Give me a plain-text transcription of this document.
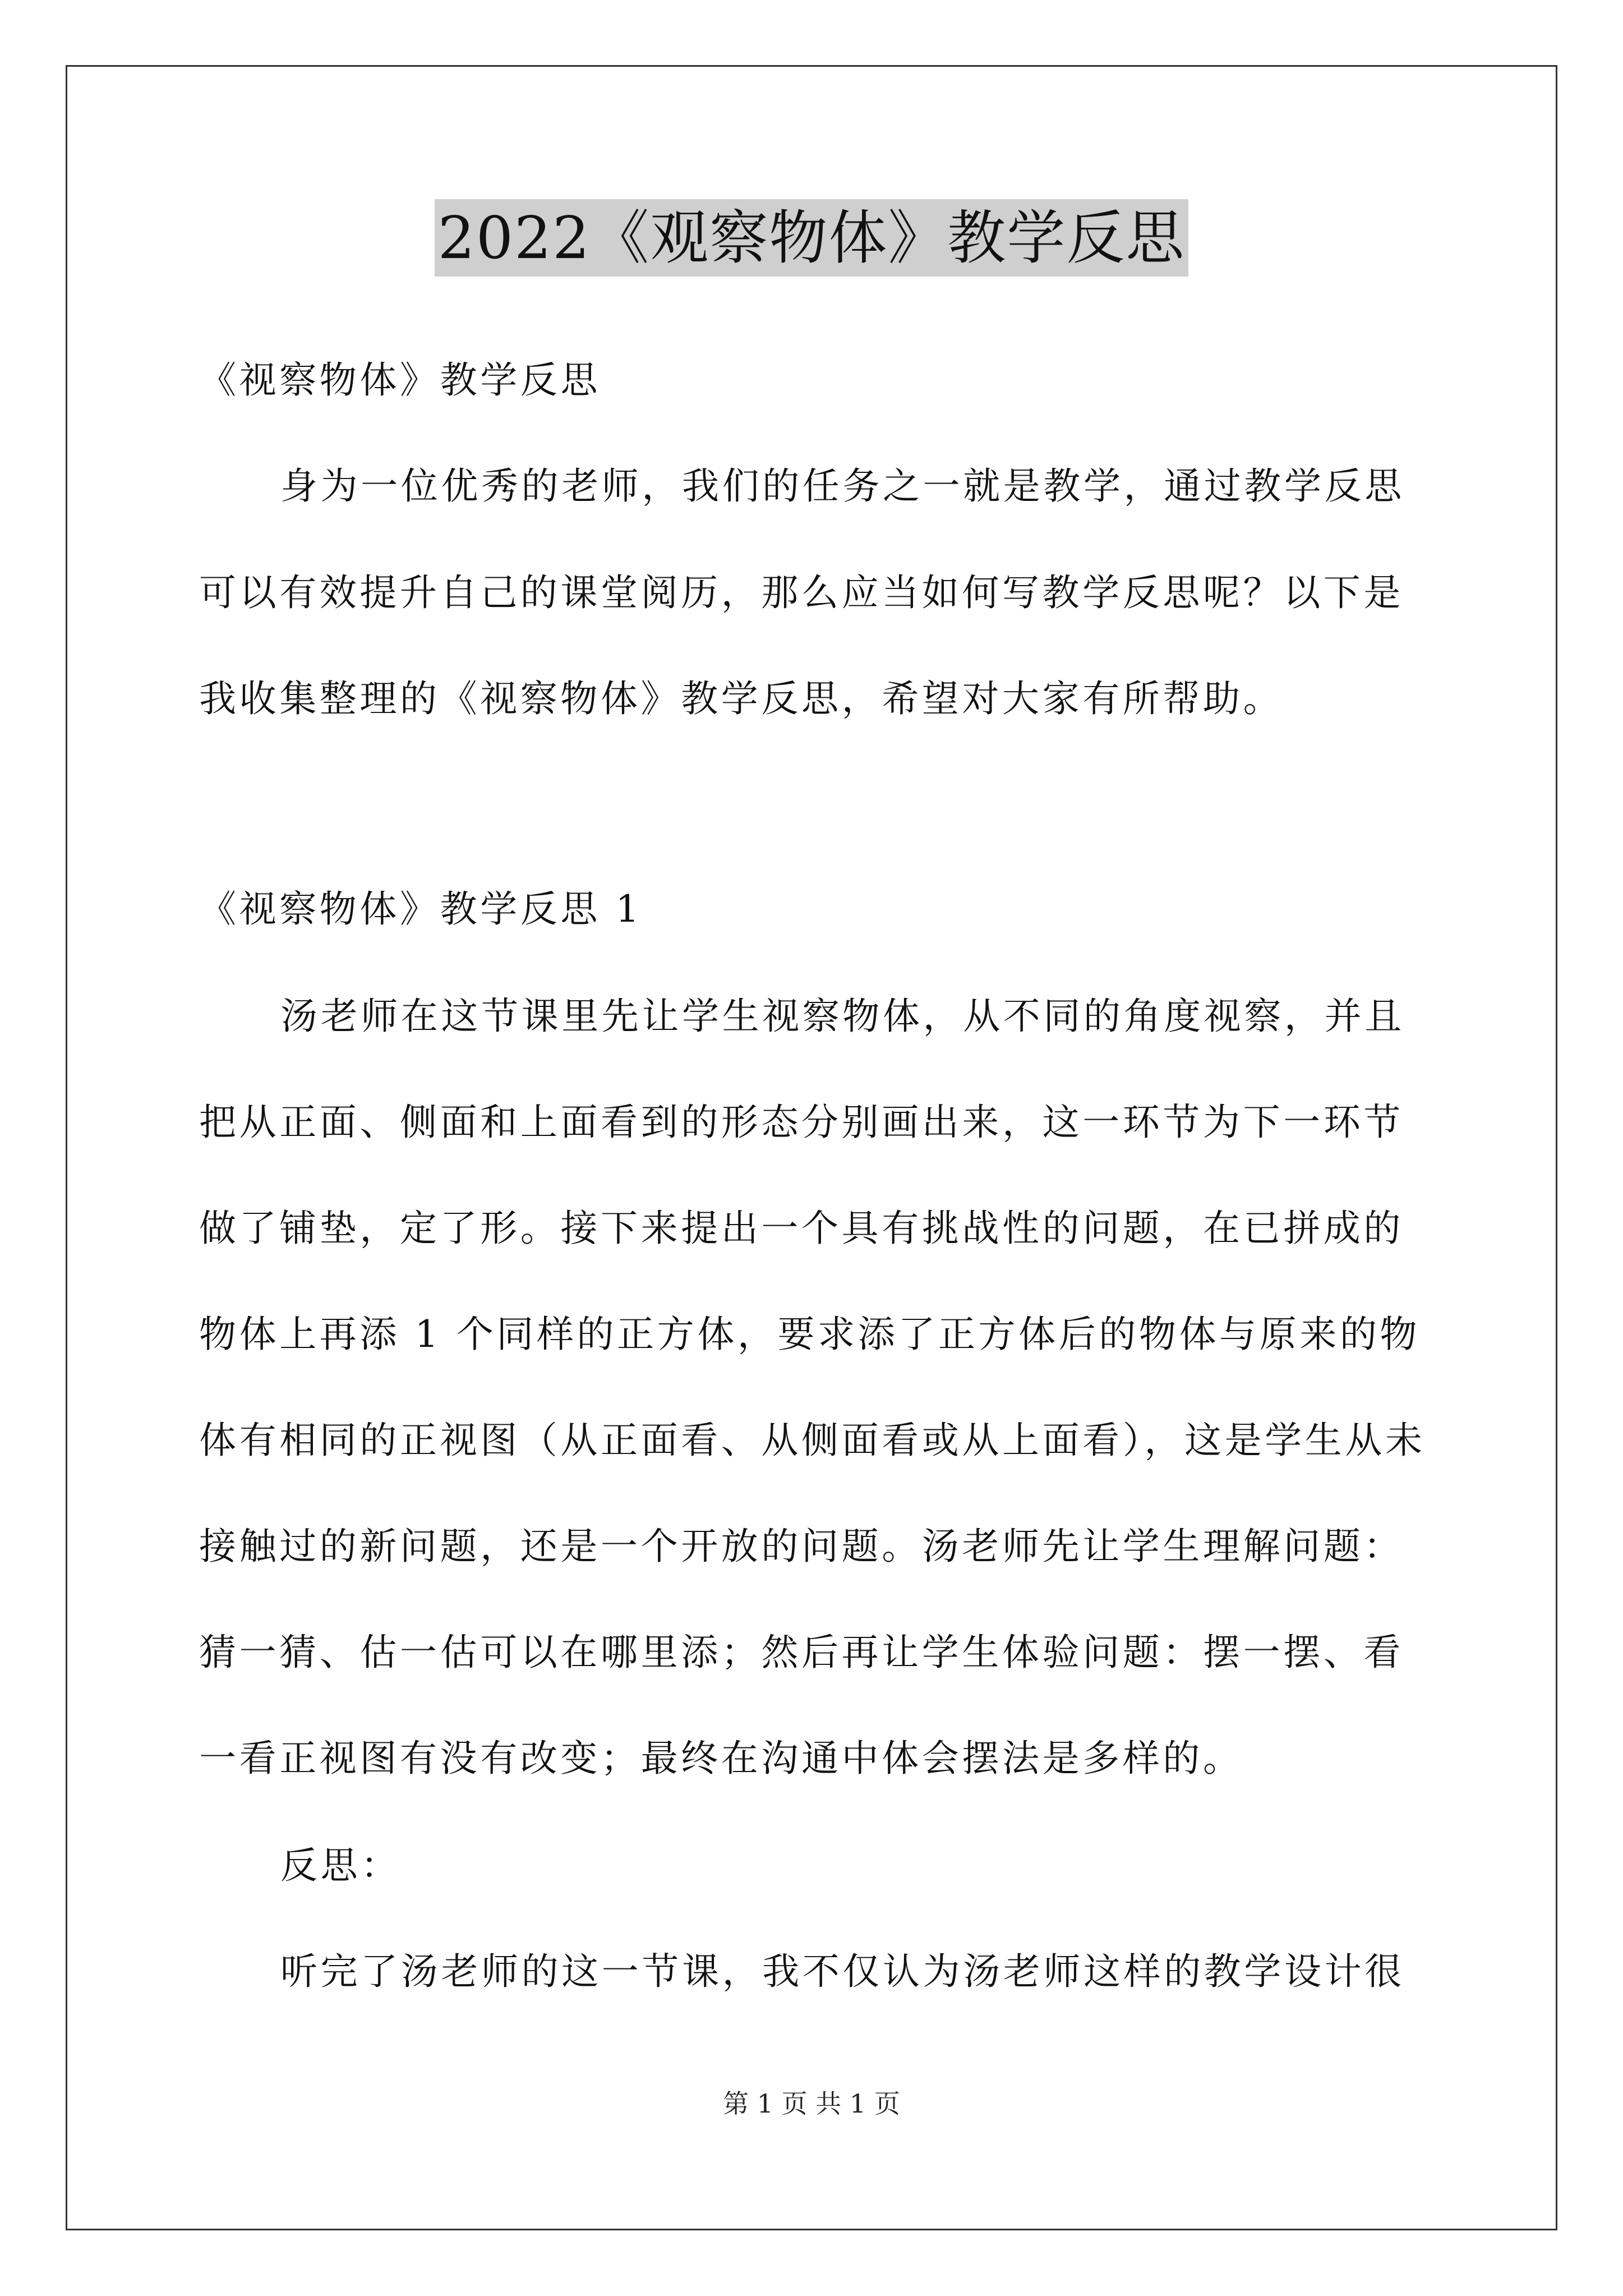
2022《观察物体》教学反思
《视察物体》教学反思
身为一位优秀的老师，我们的任务之一就是教学，通过教学反思
可以有效提升自己的课堂阅历，那么应当如何写教学反思呢？以下是
我收集整理的《视察物体》教学反思，希望对大家有所帮助。
《视察物体》教学反思 1
汤老师在这节课里先让学生视察物体，从不同的角度视察，并且
把从正面、侧面和上面看到的形态分别画出来，这一环节为下一环节
做了铺垫，定了形。接下来提出一个具有挑战性的问题，在已拼成的
物体上再添 1 个同样的正方体，要求添了正方体后的物体与原来的物
体有相同的正视图（从正面看、从侧面看或从上面看），这是学生从未
接触过的新问题，还是一个开放的问题。汤老师先让学生理解问题：
猜一猜、估一估可以在哪里添；然后再让学生体验问题：摆一摆、看
一看正视图有没有改变；最终在沟通中体会摆法是多样的。
反思：
听完了汤老师的这一节课，我不仅认为汤老师这样的教学设计很
第 1 页 共 1 页
